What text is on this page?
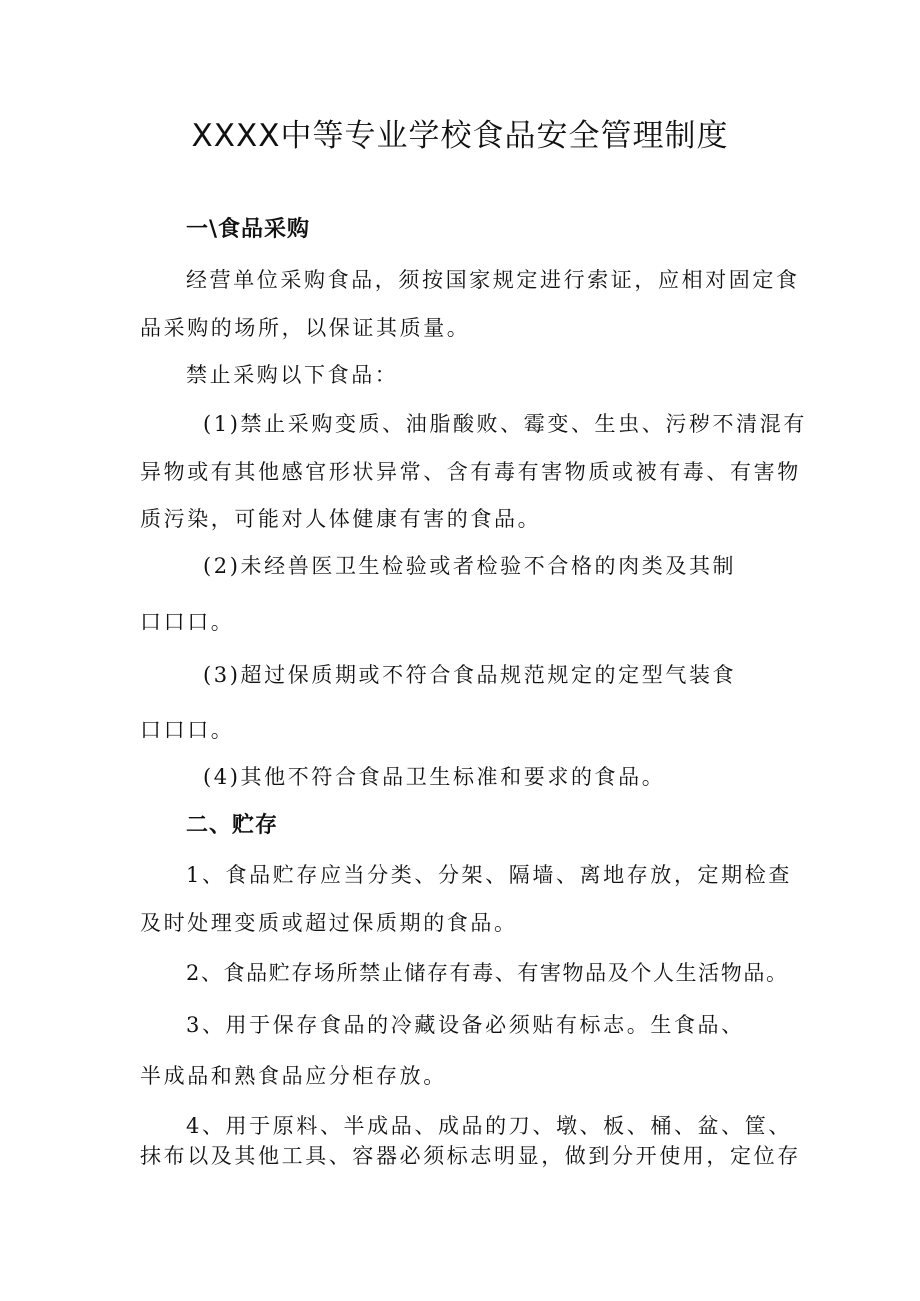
XXXX中等专业学校食品安全管理制度
一\食品采购
经营单位采购食品，须按国家规定进行索证，应相对固定食
品采购的场所，以保证其质量。
禁止采购以下食品：
(1)禁止采购变质、油脂酸败、霉变、生虫、污秽不清混有
异物或有其他感官形状异常、含有毒有害物质或被有毒、有害物
质污染，可能对人体健康有害的食品。
(2)未经兽医卫生检验或者检验不合格的肉类及其制
口口口。
(3)超过保质期或不符合食品规范规定的定型气装食
口口口。
(4)其他不符合食品卫生标准和要求的食品。
二、贮存
1、食品贮存应当分类、分架、隔墙、离地存放，定期检查
及时处理变质或超过保质期的食品。
2、食品贮存场所禁止储存有毒、有害物品及个人生活物品。
3、用于保存食品的冷藏设备必须贴有标志。生食品、
半成品和熟食品应分柜存放。
4、用于原料、半成品、成品的刀、墩、板、桶、盆、筐、
抹布以及其他工具、容器必须标志明显，做到分开使用，定位存
